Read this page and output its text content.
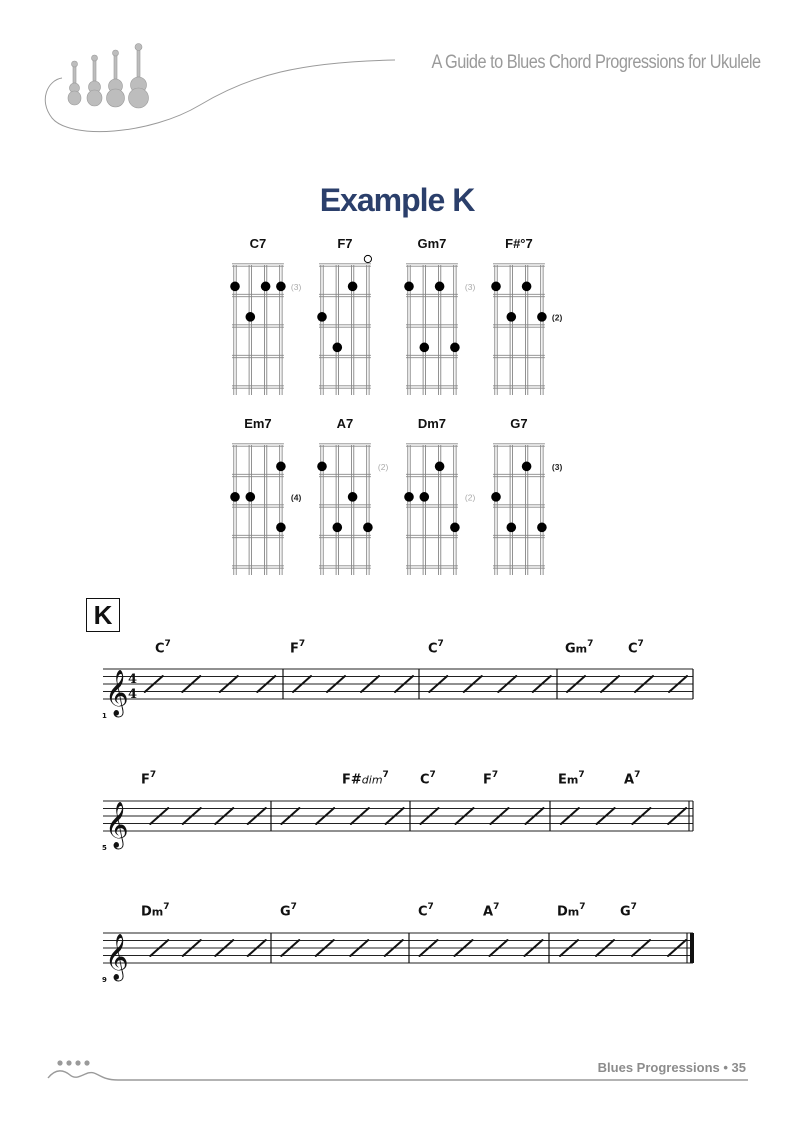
A Guide to Blues Chord Progressions for Ukulele
Example K
(3)	(3)
(2)
(4)
(2)
(2)
(3)
C7	F7	Gm7	F#°7
Em7	A7	Dm7	G7
K
𝄞 4
4
𝄞
𝄞
1
$C^7$	$F^7$	$C^7$	Gm$^7$	$C^7$
5
$F^7$	F#dim$^7$ $C^7$	$F^7$	Em$^7$	$A^7$
9
Dm$^7$	$G^7$	$C^7$	$A^7$	Dm$^7$	$G^7$
Blues Progressions • 35
